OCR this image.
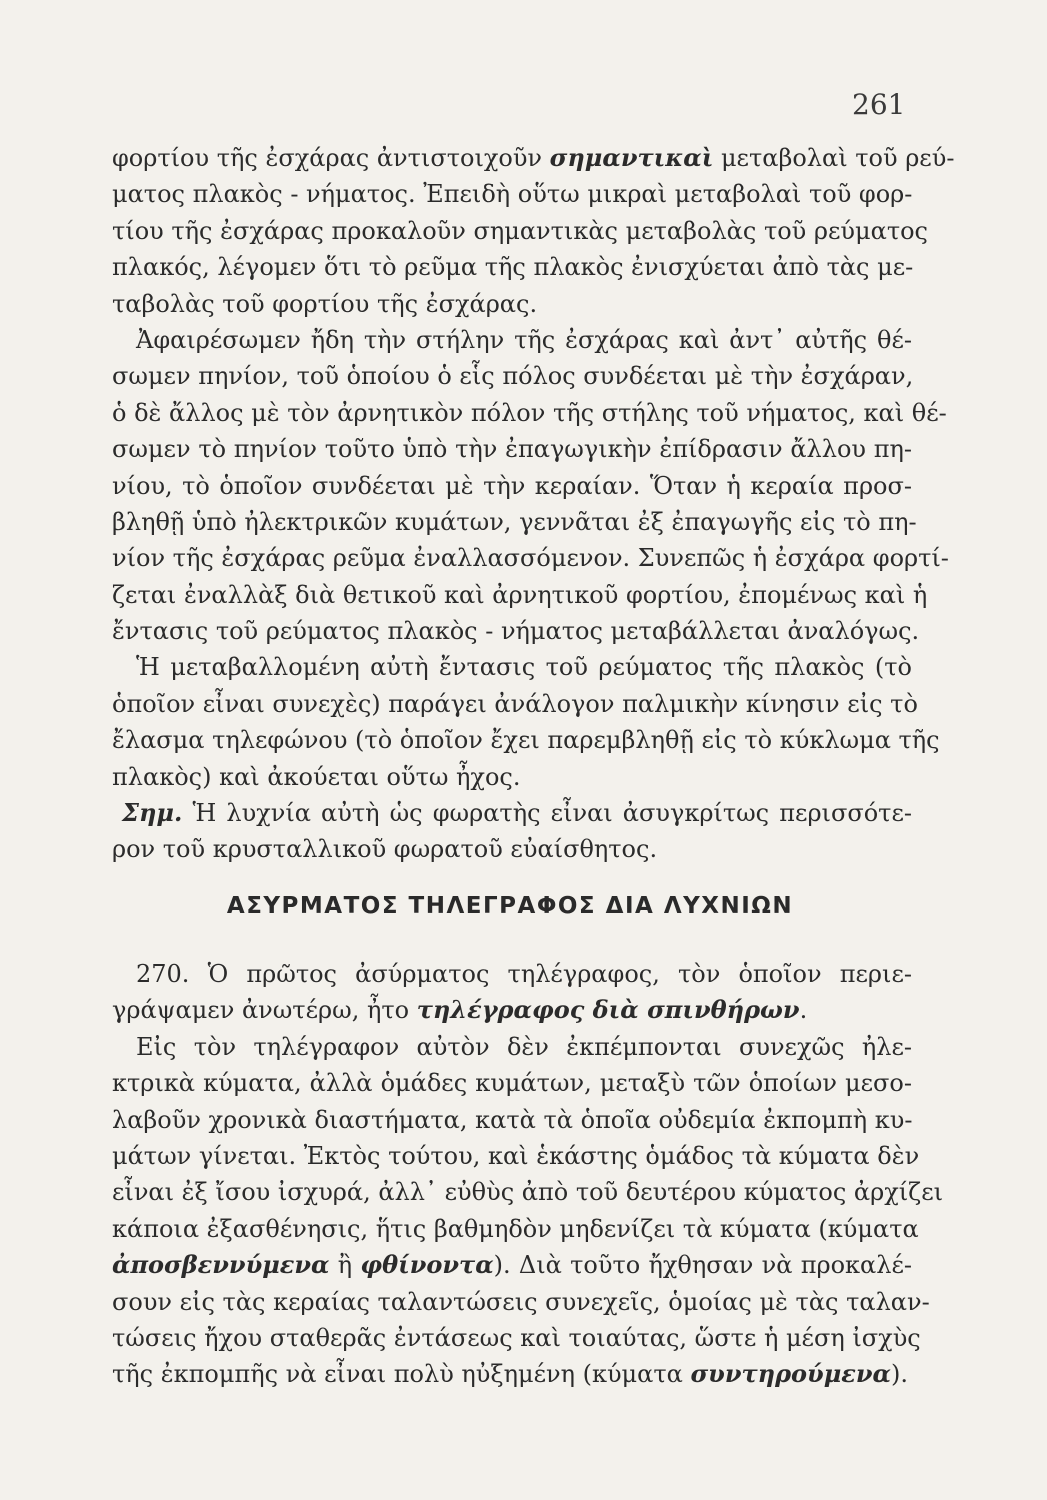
261
φορτίου τῆς ἐσχάρας ἀντιστοιχοῦν σημαντικαὶ μεταβολαὶ τοῦ ρεύ-
ματος πλακὸς - νήματος. Ἐπειδὴ οὕτω μικραὶ μεταβολαὶ τοῦ φορ-
τίου τῆς ἐσχάρας προκαλοῦν σημαντικὰς μεταβολὰς τοῦ ρεύματος
πλακός, λέγομεν ὅτι τὸ ρεῦμα τῆς πλακὸς ἐνισχύεται ἀπὸ τὰς με-
ταβολὰς τοῦ φορτίου τῆς ἐσχάρας.
Ἀφαιρέσωμεν ἤδη τὴν στήλην τῆς ἐσχάρας καὶ ἀντ᾽ αὐτῆς θέ-
σωμεν πηνίον, τοῦ ὁποίου ὁ εἷς πόλος συνδέεται μὲ τὴν ἐσχάραν,
ὁ δὲ ἄλλος μὲ τὸν ἀρνητικὸν πόλον τῆς στήλης τοῦ νήματος, καὶ θέ-
σωμεν τὸ πηνίον τοῦτο ὑπὸ τὴν ἐπαγωγικὴν ἐπίδρασιν ἄλλου πη-
νίου, τὸ ὁποῖον συνδέεται μὲ τὴν κεραίαν. Ὅταν ἡ κεραία προσ-
βληθῇ ὑπὸ ἠλεκτρικῶν κυμάτων, γεννᾶται ἐξ ἐπαγωγῆς εἰς τὸ πη-
νίον τῆς ἐσχάρας ρεῦμα ἐναλλασσόμενον. Συνεπῶς ἡ ἐσχάρα φορτί-
ζεται ἐναλλὰξ διὰ θετικοῦ καὶ ἀρνητικοῦ φορτίου, ἐπομένως καὶ ἡ
ἔντασις τοῦ ρεύματος πλακὸς - νήματος μεταβάλλεται ἀναλόγως.
Ἡ μεταβαλλομένη αὐτὴ ἔντασις τοῦ ρεύματος τῆς πλακὸς (τὸ
ὁποῖον εἶναι συνεχὲς) παράγει ἀνάλογον παλμικὴν κίνησιν εἰς τὸ
ἔλασμα τηλεφώνου (τὸ ὁποῖον ἔχει παρεμβληθῇ εἰς τὸ κύκλωμα τῆς
πλακὸς) καὶ ἀκούεται οὕτω ἦχος.
Σημ. Ἡ λυχνία αὐτὴ ὡς φωρατὴς εἶναι ἀσυγκρίτως περισσότε-
ρον τοῦ κρυσταλλικοῦ φωρατοῦ εὐαίσθητος.
ΑΣΥΡΜΑΤΟΣ ΤΗΛΕΓΡΑΦΟΣ ΔΙΑ ΛΥΧΝΙΩΝ
270. Ὁ πρῶτος ἀσύρματος τηλέγραφος, τὸν ὁποῖον περιε-
γράψαμεν ἀνωτέρω, ἦτο τηλέγραφος διὰ σπινθήρων.
Εἰς τὸν τηλέγραφον αὐτὸν δὲν ἐκπέμπονται συνεχῶς ἠλε-
κτρικὰ κύματα, ἀλλὰ ὁμάδες κυμάτων, μεταξὺ τῶν ὁποίων μεσο-
λαβοῦν χρονικὰ διαστήματα, κατὰ τὰ ὁποῖα οὐδεμία ἐκπομπὴ κυ-
μάτων γίνεται. Ἐκτὸς τούτου, καὶ ἑκάστης ὁμάδος τὰ κύματα δὲν
εἶναι ἐξ ἴσου ἰσχυρά, ἀλλ᾽ εὐθὺς ἀπὸ τοῦ δευτέρου κύματος ἀρχίζει
κάποια ἐξασθένησις, ἥτις βαθμηδὸν μηδενίζει τὰ κύματα (κύματα
ἀποσβεννύμενα ἢ φθίνοντα). Διὰ τοῦτο ἤχθησαν νὰ προκαλέ-
σουν εἰς τὰς κεραίας ταλαντώσεις συνεχεῖς, ὁμοίας μὲ τὰς ταλαν-
τώσεις ἤχου σταθερᾶς ἐντάσεως καὶ τοιαύτας, ὥστε ἡ μέση ἰσχὺς
τῆς ἐκπομπῆς νὰ εἶναι πολὺ ηὐξημένη (κύματα συντηρούμενα).
